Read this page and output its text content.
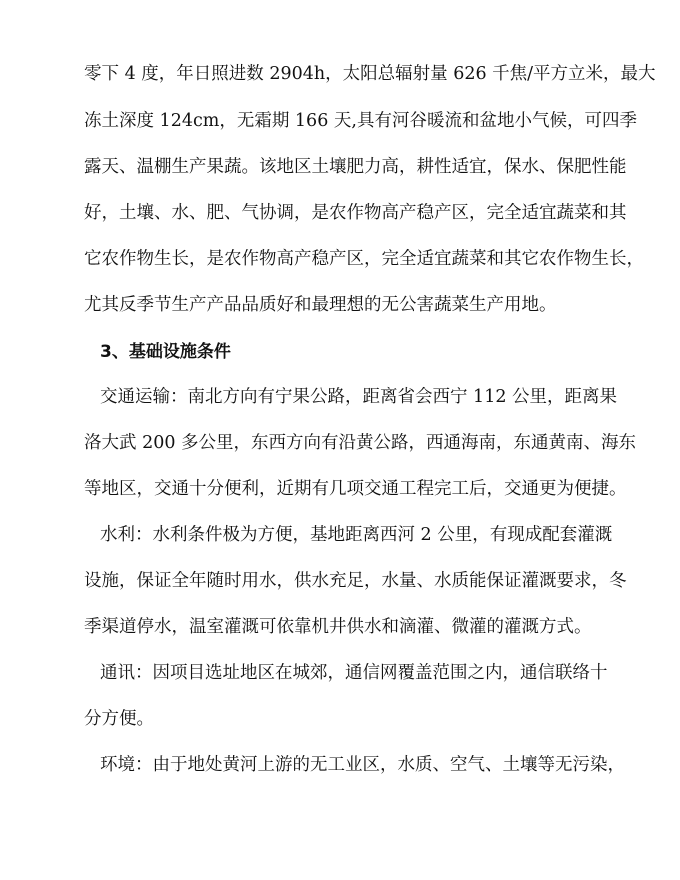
零下 4 度，年日照进数 2904h，太阳总辐射量 626 千焦/平方立米，最大
冻土深度 124cm，无霜期 166 天,具有河谷暖流和盆地小气候，可四季
露天、温棚生产果蔬。该地区土壤肥力高，耕性适宜，保水、保肥性能
好，土壤、水、肥、气协调，是农作物高产稳产区，完全适宜蔬菜和其
它农作物生长，是农作物高产稳产区，完全适宜蔬菜和其它农作物生长，
尤其反季节生产产品品质好和最理想的无公害蔬菜生产用地。
3、基础设施条件
交通运输：南北方向有宁果公路，距离省会西宁 112 公里，距离果
洛大武 200 多公里，东西方向有沿黄公路，西通海南，东通黄南、海东
等地区，交通十分便利，近期有几项交通工程完工后，交通更为便捷。
水利：水利条件极为方便，基地距离西河 2 公里，有现成配套灌溉
设施，保证全年随时用水，供水充足，水量、水质能保证灌溉要求，冬
季渠道停水，温室灌溉可依靠机井供水和滴灌、微灌的灌溉方式。
通讯：因项目选址地区在城郊，通信网覆盖范围之内，通信联络十
分方便。
环境：由于地处黄河上游的无工业区，水质、空气、土壤等无污染，
